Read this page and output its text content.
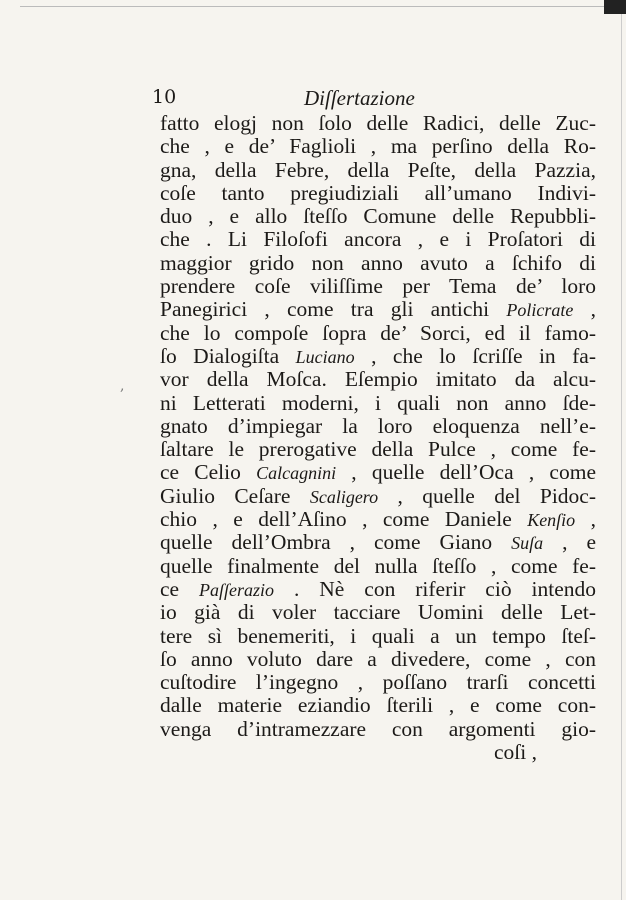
10	Diſſertazione
,
fatto elogj non ſolo delle Radici, delle Zuc-
che , e de’ Faglioli , ma perſino della Ro-
gna, della Febre, della Peſte, della Pazzia,
coſe tanto pregiudiziali all’umano Indivi-
duo , e allo ſteſſo Comune delle Repubbli-
che . Li Filoſofi ancora , e i Proſatori di
maggior grido non anno avuto a ſchifo di
prendere coſe viliſſime per Tema de’ loro
Panegirici , come tra gli antichi Policrate ,
che lo compoſe ſopra de’ Sorci, ed il famo-
ſo Dialogiſta Luciano , che lo ſcriſſe in fa-
vor della Moſca. Eſempio imitato da alcu-
ni Letterati moderni, i quali non anno ſde-
gnato d’impiegar la loro eloquenza nell’e-
ſaltare le prerogative della Pulce , come fe-
ce Celio Calcagnini , quelle dell’Oca , come
Giulio Ceſare Scaligero , quelle del Pidoc-
chio , e dell’Aſino , come Daniele Kenſio ,
quelle dell’Ombra , come Giano Suſa , e
quelle finalmente del nulla ſteſſo , come fe-
ce Paſſerazio . Nè con riferir ciò intendo
io già di voler tacciare Uomini delle Let-
tere sì benemeriti, i quali a un tempo ſteſ-
ſo anno voluto dare a divedere, come , con
cuſtodire l’ingegno , poſſano trarſi concetti
dalle materie eziandio ſterili , e come con-
venga d’intramezzare con argomenti gio-
coſi ,
